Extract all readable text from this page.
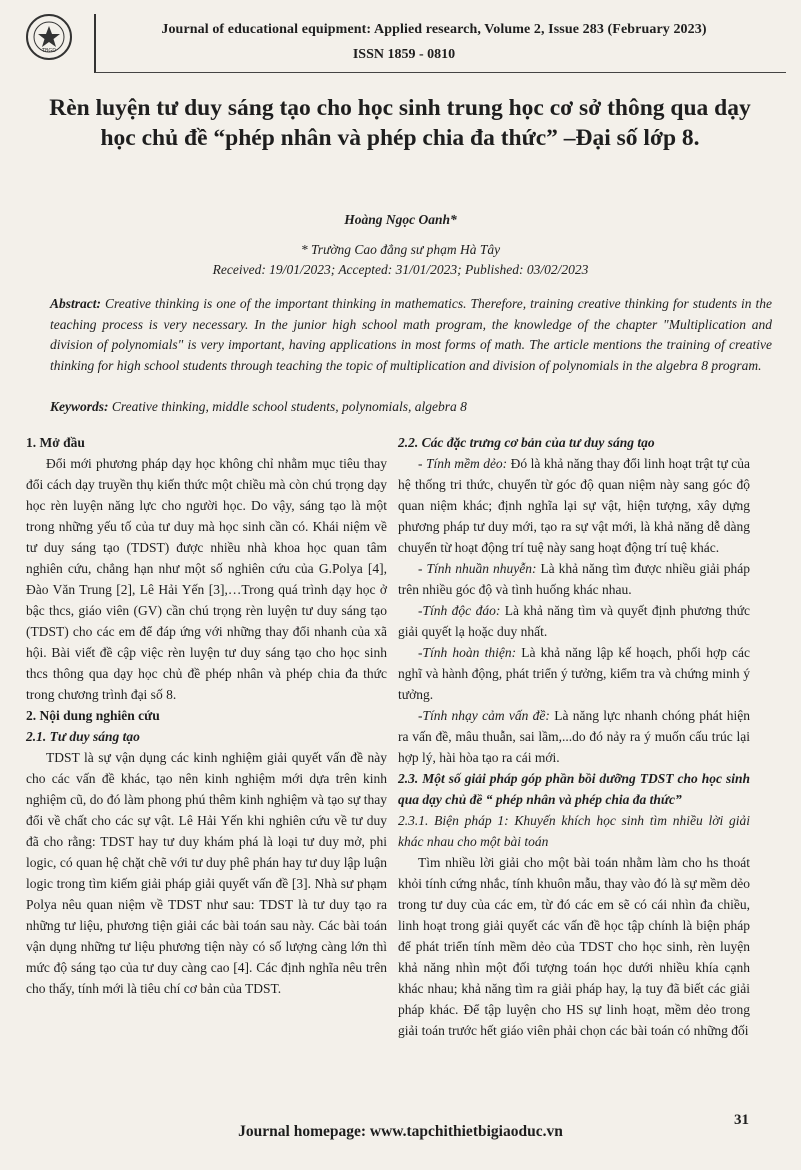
TBGD
Journal of educational equipment: Applied research, Volume 2, Issue 283 (February 2023)
ISSN 1859 - 0810
Rèn luyện tư duy sáng tạo cho học sinh trung học cơ sở thông qua dạy học chủ đề “phép nhân và phép chia đa thức” –Đại số lớp 8.
Hoàng Ngọc Oanh*
* Trường Cao đẳng sư phạm Hà Tây
Received: 19/01/2023; Accepted: 31/01/2023; Published: 03/02/2023
Abstract: Creative thinking is one of the important thinking in mathematics. Therefore, training creative thinking for students in the teaching process is very necessary. In the junior high school math program, the knowledge of the chapter "Multiplication and division of polynomials" is very important, having applications in most forms of math. The article mentions the training of creative thinking for high school students through teaching the topic of multiplication and division of polynomials in the algebra 8 program.
Keywords: Creative thinking, middle school students, polynomials, algebra 8
1. Mở đầu

Đổi mới phương pháp dạy học không chỉ nhằm mục tiêu thay đổi cách dạy truyền thụ kiến thức một chiều mà còn chú trọng dạy học rèn luyện năng lực cho người học. Do vậy, sáng tạo là một trong những yếu tố của tư duy mà học sinh cần có. Khái niệm về tư duy sáng tạo (TDST) được nhiều nhà khoa học quan tâm nghiên cứu, chẳng hạn như một số nghiên cứu của G.Polya [4], Đào Văn Trung [2], Lê Hải Yến [3],…Trong quá trình dạy học ở bậc thcs, giáo viên (GV) cần chú trọng rèn luyện tư duy sáng tạo (TDST) cho các em để đáp ứng với những thay đổi nhanh của xã hội. Bài viết đề cập việc rèn luyện tư duy sáng tạo cho học sinh thcs thông qua dạy học chủ đề phép nhân và phép chia đa thức trong chương trình đại số 8.

2. Nội dung nghiên cứu
2.1. Tư duy sáng tạo

TDST là sự vận dụng các kinh nghiệm giải quyết vấn đề này cho các vấn đề khác, tạo nên kinh nghiệm mới dựa trên kinh nghiệm cũ, do đó làm phong phú thêm kinh nghiệm và tạo sự thay đổi về chất cho các sự vật. Lê Hải Yến khi nghiên cứu về tư duy đã cho rằng: TDST hay tư duy khám phá là loại tư duy mở, phi logic, có quan hệ chặt chẽ với tư duy phê phán hay tư duy lập luận logic trong tìm kiếm giải pháp giải quyết vấn đề [3]. Nhà sư phạm Polya nêu quan niệm về TDST như sau: TDST là tư duy tạo ra những tư liệu, phương tiện giải các bài toán sau này. Các bài toán vận dụng những tư liệu phương tiện này có số lượng càng lớn thì mức độ sáng tạo của tư duy càng cao [4]. Các định nghĩa nêu trên cho thấy, tính mới là tiêu chí cơ bản của TDST.

2.2. Các đặc trưng cơ bản của tư duy sáng tạo

- Tính mềm dẻo: Đó là khả năng thay đổi linh hoạt trật tự của hệ thống tri thức, chuyển từ góc độ quan niệm này sang góc độ quan niệm khác; định nghĩa lại sự vật, hiện tượng, xây dựng phương pháp tư duy mới, tạo ra sự vật mới, là khả năng dễ dàng chuyển từ hoạt động trí tuệ này sang hoạt động trí tuệ khác.

- Tính nhuần nhuyễn: Là khả năng tìm được nhiều giải pháp trên nhiều góc độ và tình huống khác nhau.

-Tính độc đáo: Là khả năng tìm và quyết định phương thức giải quyết lạ hoặc duy nhất.

-Tính hoàn thiện: Là khả năng lập kế hoạch, phối hợp các nghĩ và hành động, phát triển ý tưởng, kiểm tra và chứng minh ý tưởng.

-Tính nhạy cảm vấn đề: Là năng lực nhanh chóng phát hiện ra vấn đề, mâu thuẫn, sai lầm,...do đó nảy ra ý muốn cấu trúc lại hợp lý, hài hòa tạo ra cái mới.

2.3. Một số giải pháp góp phần bồi dưỡng TDST cho học sinh qua dạy chủ đề “ phép nhân và phép chia đa thức”
2.3.1. Biện pháp 1: Khuyến khích học sinh tìm nhiều lời giải khác nhau cho một bài toán

Tìm nhiều lời giải cho một bài toán nhằm làm cho hs thoát khỏi tính cứng nhắc, tính khuôn mẫu, thay vào đó là sự mềm dẻo trong tư duy của các em, từ đó các em sẽ có cái nhìn đa chiều, linh hoạt trong giải quyết các vấn đề học tập chính là biện pháp để phát triển tính mềm dẻo của TDST cho học sinh, rèn luyện khả năng nhìn một đối tượng toán học dưới nhiều khía cạnh khác nhau; khả năng tìm ra giải pháp hay, lạ tuy đã biết các giải pháp khác. Để tập luyện cho HS sự linh hoạt, mềm dẻo trong giải toán trước hết giáo viên phải chọn các bài toán có những đối

31
Journal homepage: www.tapchithietbigiaoduc.vn
